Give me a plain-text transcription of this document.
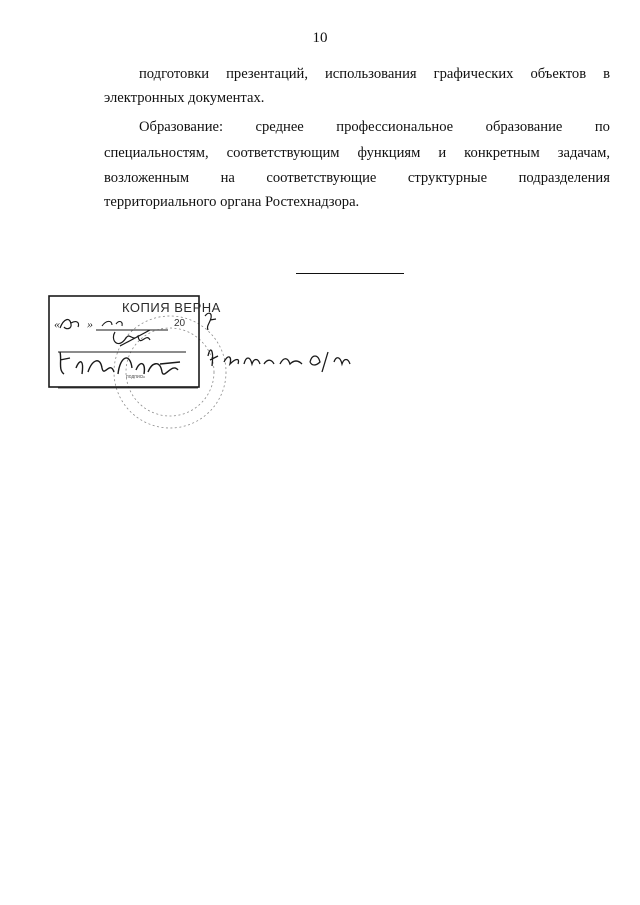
10
подготовки презентаций, использования графических объектов в
электронных документах.
Образование: среднее профессиональное образование по
специальностям, соответствующим функциям и конкретным задачам,
возложенным на соответствующие структурные подразделения
территориального органа Ростехнадзора.
« »
КОПИЯ ВЕРНА
20
подпись
